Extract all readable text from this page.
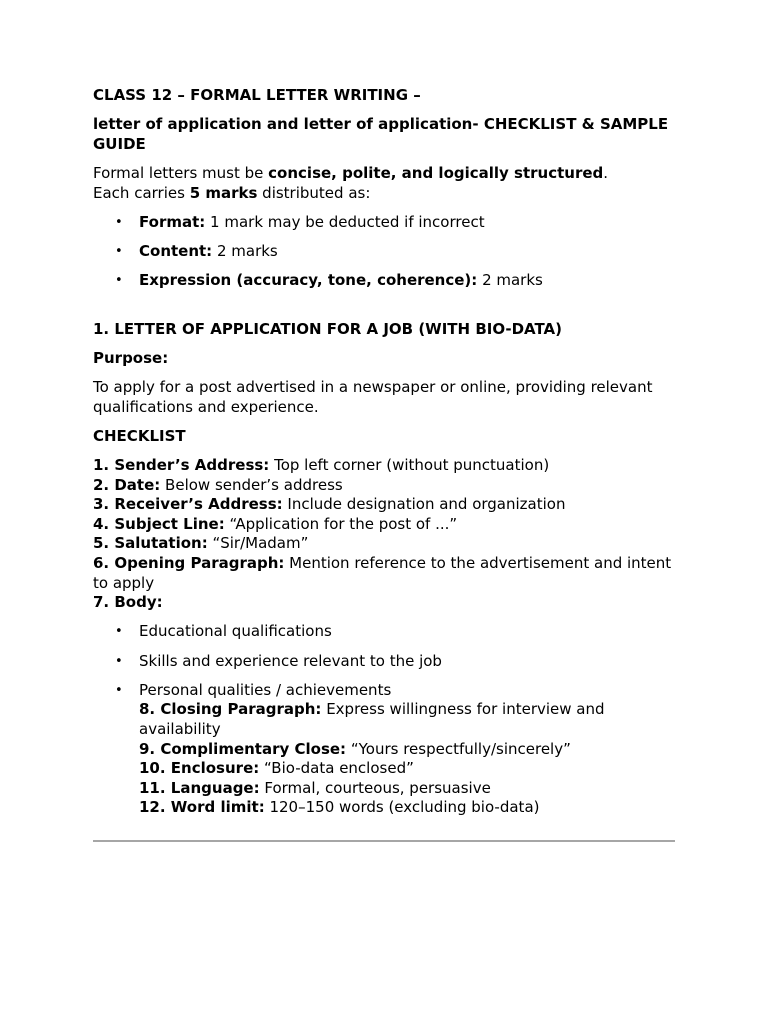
CLASS 12 – FORMAL LETTER WRITING –

letter of application and letter of application- CHECKLIST & SAMPLE GUIDE

Formal letters must be concise, polite, and logically structured.
Each carries 5 marks distributed as:

• Format: 1 mark may be deducted if incorrect
• Content: 2 marks
• Expression (accuracy, tone, coherence): 2 marks

1. LETTER OF APPLICATION FOR A JOB (WITH BIO-DATA)

Purpose:

To apply for a post advertised in a newspaper or online, providing relevant qualifications and experience.

CHECKLIST

1. Sender’s Address: Top left corner (without punctuation)

2. Date: Below sender’s address

3. Receiver’s Address: Include designation and organization

4. Subject Line: “Application for the post of ...”

5. Salutation: “Sir/Madam”

6. Opening Paragraph: Mention reference to the advertisement and intent to apply

7. Body:

• Educational qualifications
• Skills and experience relevant to the job
• Personal qualities / achievements
8. Closing Paragraph: Express willingness for interview and availability
9. Complimentary Close: “Yours respectfully/sincerely”
10. Enclosure: “Bio-data enclosed”
11. Language: Formal, courteous, persuasive
12. Word limit: 120–150 words (excluding bio-data)
